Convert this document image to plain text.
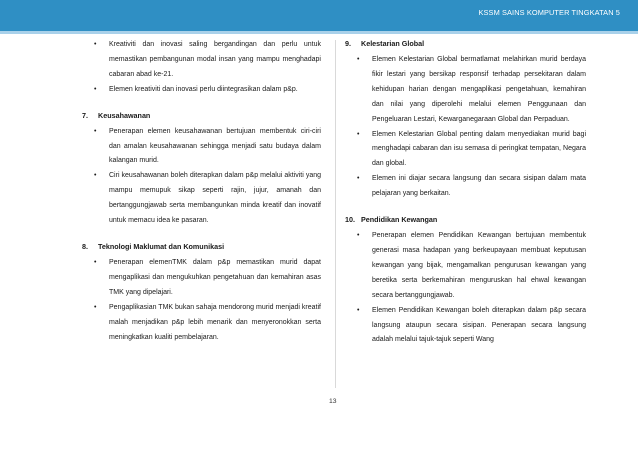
KSSM SAINS KOMPUTER TINGKATAN 5
• Kreativiti dan inovasi saling bergandingan dan perlu untuk memastikan pembangunan modal insan yang mampu menghadapi cabaran abad ke-21.
• Elemen kreativiti dan inovasi perlu diintegrasikan dalam p&p.
7. Keusahawanan
• Penerapan elemen keusahawanan bertujuan membentuk ciri-ciri dan amalan keusahawanan sehingga menjadi satu budaya dalam kalangan murid.
• Ciri keusahawanan boleh diterapkan dalam p&p melalui aktiviti yang mampu memupuk sikap seperti rajin, jujur, amanah dan bertanggungjawab serta membangunkan minda kreatif dan inovatif untuk memacu idea ke pasaran.
8. Teknologi Maklumat dan Komunikasi
• Penerapan elemenTMK dalam p&p memastikan murid dapat mengaplikasi dan mengukuhkan pengetahuan dan kemahiran asas TMK yang dipelajari.
• Pengaplikasian TMK bukan sahaja mendorong murid menjadi kreatif malah menjadikan p&p lebih menarik dan menyeronokkan serta meningkatkan kualiti pembelajaran.
9. Kelestarian Global
• Elemen Kelestarian Global bermatlamat melahirkan murid berdaya fikir lestari yang bersikap responsif terhadap persekitaran dalam kehidupan harian dengan mengaplikasi pengetahuan, kemahiran dan nilai yang diperolehi melalui elemen Penggunaan dan Pengeluaran Lestari, Kewarganegaraan Global dan Perpaduan.
• Elemen Kelestarian Global penting dalam menyediakan murid bagi menghadapi cabaran dan isu semasa di peringkat tempatan, Negara dan global.
• Elemen ini diajar secara langsung dan secara sisipan dalam mata pelajaran yang berkaitan.
10. Pendidikan Kewangan
• Penerapan elemen Pendidikan Kewangan bertujuan membentuk generasi masa hadapan yang berkeupayaan membuat keputusan kewangan yang bijak, mengamalkan pengurusan kewangan yang beretika serta berkemahiran menguruskan hal ehwal kewangan secara bertanggungjawab.
• Elemen Pendidikan Kewangan boleh diterapkan dalam p&p secara langsung ataupun secara sisipan. Penerapan secara langsung adalah melalui tajuk-tajuk seperti Wang
13
